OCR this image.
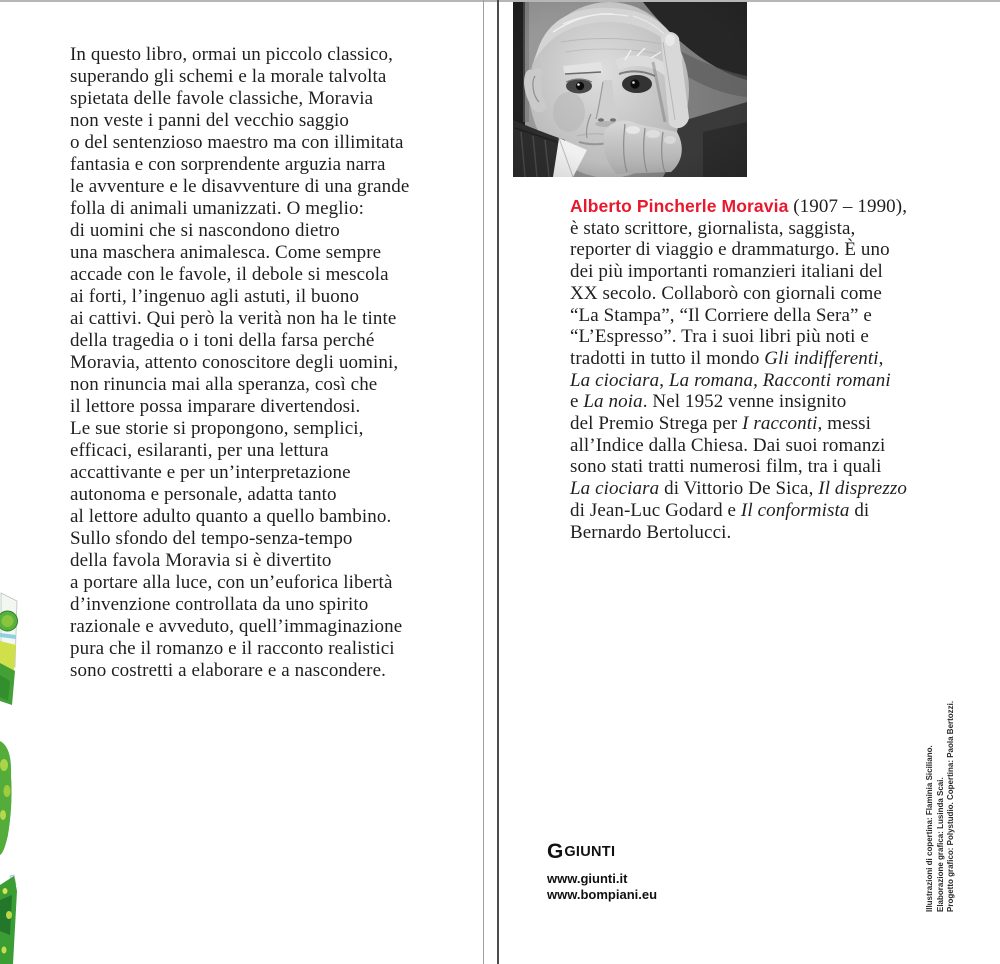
In questo libro, ormai un piccolo classico,
superando gli schemi e la morale talvolta
spietata delle favole classiche, Moravia
non veste i panni del vecchio saggio
o del sentenzioso maestro ma con illimitata
fantasia e con sorprendente arguzia narra
le avventure e le disavventure di una grande
folla di animali umanizzati. O meglio:
di uomini che si nascondono dietro
una maschera animalesca. Come sempre
accade con le favole, il debole si mescola
ai forti, l’ingenuo agli astuti, il buono
ai cattivi. Qui però la verità non ha le tinte
della tragedia o i toni della farsa perché
Moravia, attento conoscitore degli uomini,
non rinuncia mai alla speranza, così che
il lettore possa imparare divertendosi.
Le sue storie si propongono, semplici,
efficaci, esilaranti, per una lettura
accattivante e per un’interpretazione
autonoma e personale, adatta tanto
al lettore adulto quanto a quello bambino.
Sullo sfondo del tempo-senza-tempo
della favola Moravia si è divertito
a portare alla luce, con un’euforica libertà
d’invenzione controllata da uno spirito
razionale e avveduto, quell’immaginazione
pura che il romanzo e il racconto realistici
sono costretti a elaborare e a nascondere.
Alberto Pincherle Moravia (1907 – 1990),
è stato scrittore, giornalista, saggista,
reporter di viaggio e drammaturgo. È uno
dei più importanti romanzieri italiani del
XX secolo. Collaborò con giornali come
“La Stampa”, “Il Corriere della Sera” e
“L’Espresso”. Tra i suoi libri più noti e
tradotti in tutto il mondo Gli indifferenti,
La ciociara, La romana, Racconti romani
e La noia. Nel 1952 venne insignito
del Premio Strega per I racconti, messi
all’Indice dalla Chiesa. Dai suoi romanzi
sono stati tratti numerosi film, tra i quali
La ciociara di Vittorio De Sica, Il disprezzo
di Jean-Luc Godard e Il conformista di
Bernardo Bertolucci.
G GIUNTI
www.giunti.it
www.bompiani.eu	Illustrazioni di copertina: Flaminia Siciliano. Elaborazione grafica: Lusinda Scai. Progetto grafico: Polystudio. Copertina: Paola Bertozzi.
